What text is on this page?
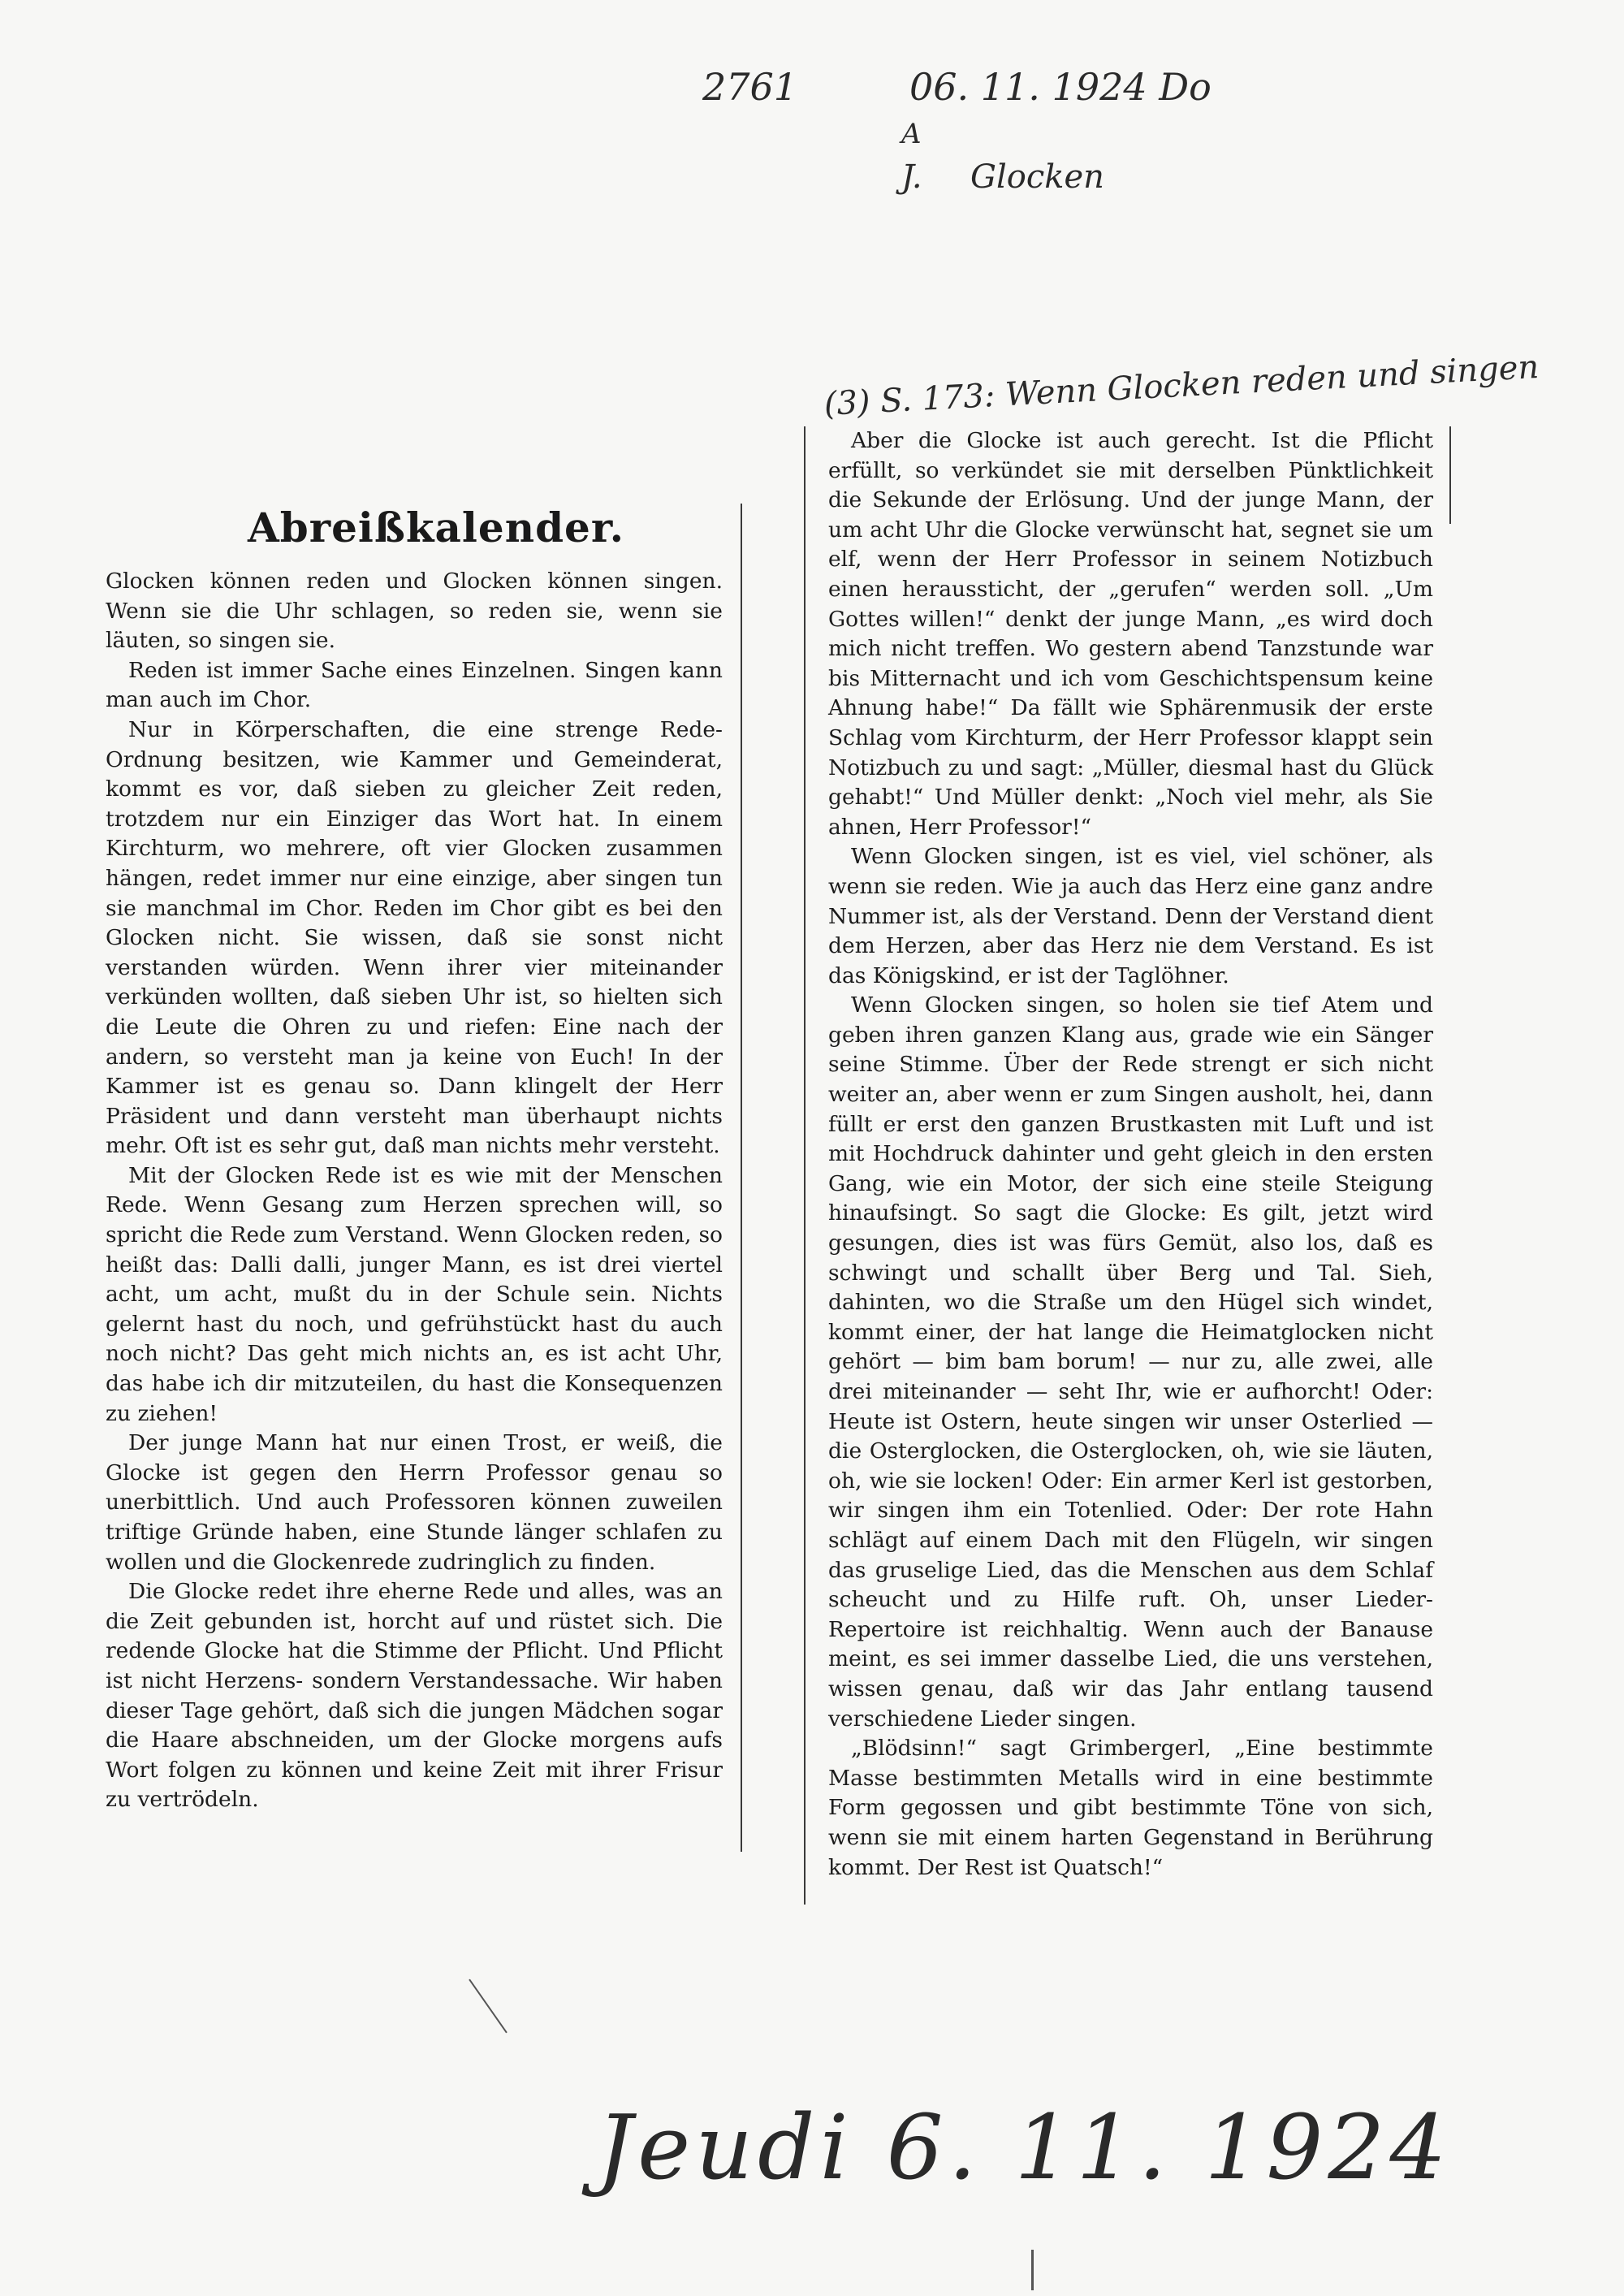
2761	06. 11. 1924 Do
A
J. Glocken
(3) S. 173: Wenn Glocken reden und singen
Abreißkalender.

Glocken können reden und Glocken können singen. Wenn sie die Uhr schlagen, so reden sie, wenn sie läuten, so singen sie.

Reden ist immer Sache eines Einzelnen. Singen kann man auch im Chor.

Nur in Körperschaften, die eine strenge Rede-Ordnung besitzen, wie Kammer und Gemeinderat, kommt es vor, daß sieben zu gleicher Zeit reden, trotzdem nur ein Einziger das Wort hat. In einem Kirchturm, wo mehrere, oft vier Glocken zusammen hängen, redet immer nur eine einzige, aber singen tun sie manchmal im Chor. Reden im Chor gibt es bei den Glocken nicht. Sie wissen, daß sie sonst nicht verstanden würden. Wenn ihrer vier miteinander verkünden wollten, daß sieben Uhr ist, so hielten sich die Leute die Ohren zu und riefen: Eine nach der andern, so versteht man ja keine von Euch! In der Kammer ist es genau so. Dann klingelt der Herr Präsident und dann versteht man überhaupt nichts mehr. Oft ist es sehr gut, daß man nichts mehr versteht.

Mit der Glocken Rede ist es wie mit der Menschen Rede. Wenn Gesang zum Herzen sprechen will, so spricht die Rede zum Verstand. Wenn Glocken reden, so heißt das: Dalli dalli, junger Mann, es ist drei viertel acht, um acht, mußt du in der Schule sein. Nichts gelernt hast du noch, und gefrühstückt hast du auch noch nicht? Das geht mich nichts an, es ist acht Uhr, das habe ich dir mitzuteilen, du hast die Konsequenzen zu ziehen!

Der junge Mann hat nur einen Trost, er weiß, die Glocke ist gegen den Herrn Professor genau so unerbittlich. Und auch Professoren können zuweilen triftige Gründe haben, eine Stunde länger schlafen zu wollen und die Glockenrede zudringlich zu finden.

Die Glocke redet ihre eherne Rede und alles, was an die Zeit gebunden ist, horcht auf und rüstet sich. Die redende Glocke hat die Stimme der Pflicht. Und Pflicht ist nicht Herzens- sondern Verstandessache. Wir haben dieser Tage gehört, daß sich die jungen Mädchen sogar die Haare abschneiden, um der Glocke morgens aufs Wort folgen zu können und keine Zeit mit ihrer Frisur zu vertrödeln.

Aber die Glocke ist auch gerecht. Ist die Pflicht erfüllt, so verkündet sie mit derselben Pünktlichkeit die Sekunde der Erlösung. Und der junge Mann, der um acht Uhr die Glocke verwünscht hat, segnet sie um elf, wenn der Herr Professor in seinem Notizbuch einen heraussticht, der „gerufen“ werden soll. „Um Gottes willen!“ denkt der junge Mann, „es wird doch mich nicht treffen. Wo gestern abend Tanzstunde war bis Mitternacht und ich vom Geschichtspensum keine Ahnung habe!“ Da fällt wie Sphärenmusik der erste Schlag vom Kirchturm, der Herr Professor klappt sein Notizbuch zu und sagt: „Müller, diesmal hast du Glück gehabt!“ Und Müller denkt: „Noch viel mehr, als Sie ahnen, Herr Professor!“

Wenn Glocken singen, ist es viel, viel schöner, als wenn sie reden. Wie ja auch das Herz eine ganz andre Nummer ist, als der Verstand. Denn der Verstand dient dem Herzen, aber das Herz nie dem Verstand. Es ist das Königskind, er ist der Taglöhner.

Wenn Glocken singen, so holen sie tief Atem und geben ihren ganzen Klang aus, grade wie ein Sänger seine Stimme. Über der Rede strengt er sich nicht weiter an, aber wenn er zum Singen ausholt, hei, dann füllt er erst den ganzen Brustkasten mit Luft und ist mit Hochdruck dahinter und geht gleich in den ersten Gang, wie ein Motor, der sich eine steile Steigung hinaufsingt. So sagt die Glocke: Es gilt, jetzt wird gesungen, dies ist was fürs Gemüt, also los, daß es schwingt und schallt über Berg und Tal. Sieh, dahinten, wo die Straße um den Hügel sich windet, kommt einer, der hat lange die Heimatglocken nicht gehört — bim bam borum! — nur zu, alle zwei, alle drei miteinander — seht Ihr, wie er aufhorcht! Oder: Heute ist Ostern, heute singen wir unser Osterlied — die Osterglocken, die Osterglocken, oh, wie sie läuten, oh, wie sie locken! Oder: Ein armer Kerl ist gestorben, wir singen ihm ein Totenlied. Oder: Der rote Hahn schlägt auf einem Dach mit den Flügeln, wir singen das gruselige Lied, das die Menschen aus dem Schlaf scheucht und zu Hilfe ruft. Oh, unser Lieder-Repertoire ist reichhaltig. Wenn auch der Banause meint, es sei immer dasselbe Lied, die uns verstehen, wissen genau, daß wir das Jahr entlang tausend verschiedene Lieder singen.

„Blödsinn!“ sagt Grimbergerl, „Eine bestimmte Masse bestimmten Metalls wird in eine bestimmte Form gegossen und gibt bestimmte Töne von sich, wenn sie mit einem harten Gegenstand in Berührung kommt. Der Rest ist Quatsch!“

Jeudi 6. 11. 1924
